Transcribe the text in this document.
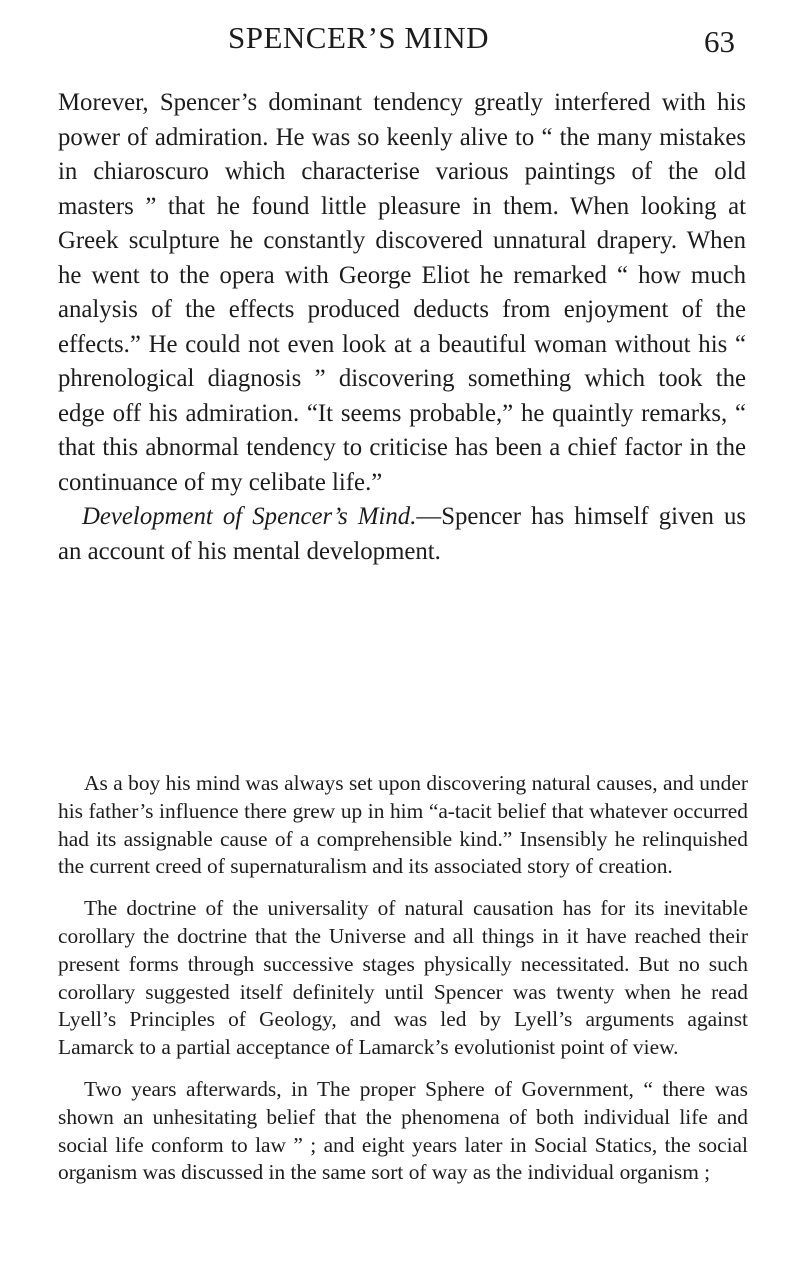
SPENCER’S MIND	63

Morever, Spencer’s dominant tendency greatly interfered with his power of admiration. He was so keenly alive to “ the many mistakes in chiaroscuro which characterise various paintings of the old masters ” that he found little pleasure in them. When looking at Greek sculpture he constantly discovered unnatural drapery. When he went to the opera with George Eliot he remarked “ how much analysis of the effects produced deducts from enjoyment of the effects.” He could not even look at a beautiful woman without his “ phrenological diagnosis ” discovering something which took the edge off his admiration. “It seems probable,” he quaintly remarks, “ that this abnormal tendency to criticise has been a chief factor in the continuance of my celibate life.”

Development of Spencer’s Mind.—Spencer has himself given us an account of his mental development.

As a boy his mind was always set upon discovering natural causes, and under his father’s influence there grew up in him “a-tacit belief that whatever occurred had its assignable cause of a comprehensible kind.” Insensibly he relinquished the current creed of supernaturalism and its associated story of creation.

The doctrine of the universality of natural causation has for its inevitable corollary the doctrine that the Universe and all things in it have reached their present forms through successive stages physically necessitated. But no such corollary suggested itself definitely until Spencer was twenty when he read Lyell’s Principles of Geology, and was led by Lyell’s arguments against Lamarck to a partial acceptance of Lamarck’s evolutionist point of view.

Two years afterwards, in The proper Sphere of Government, “ there was shown an unhesitating belief that the phenomena of both individual life and social life conform to law ” ; and eight years later in Social Statics, the social organism was discussed in the same sort of way as the individual organism ;
